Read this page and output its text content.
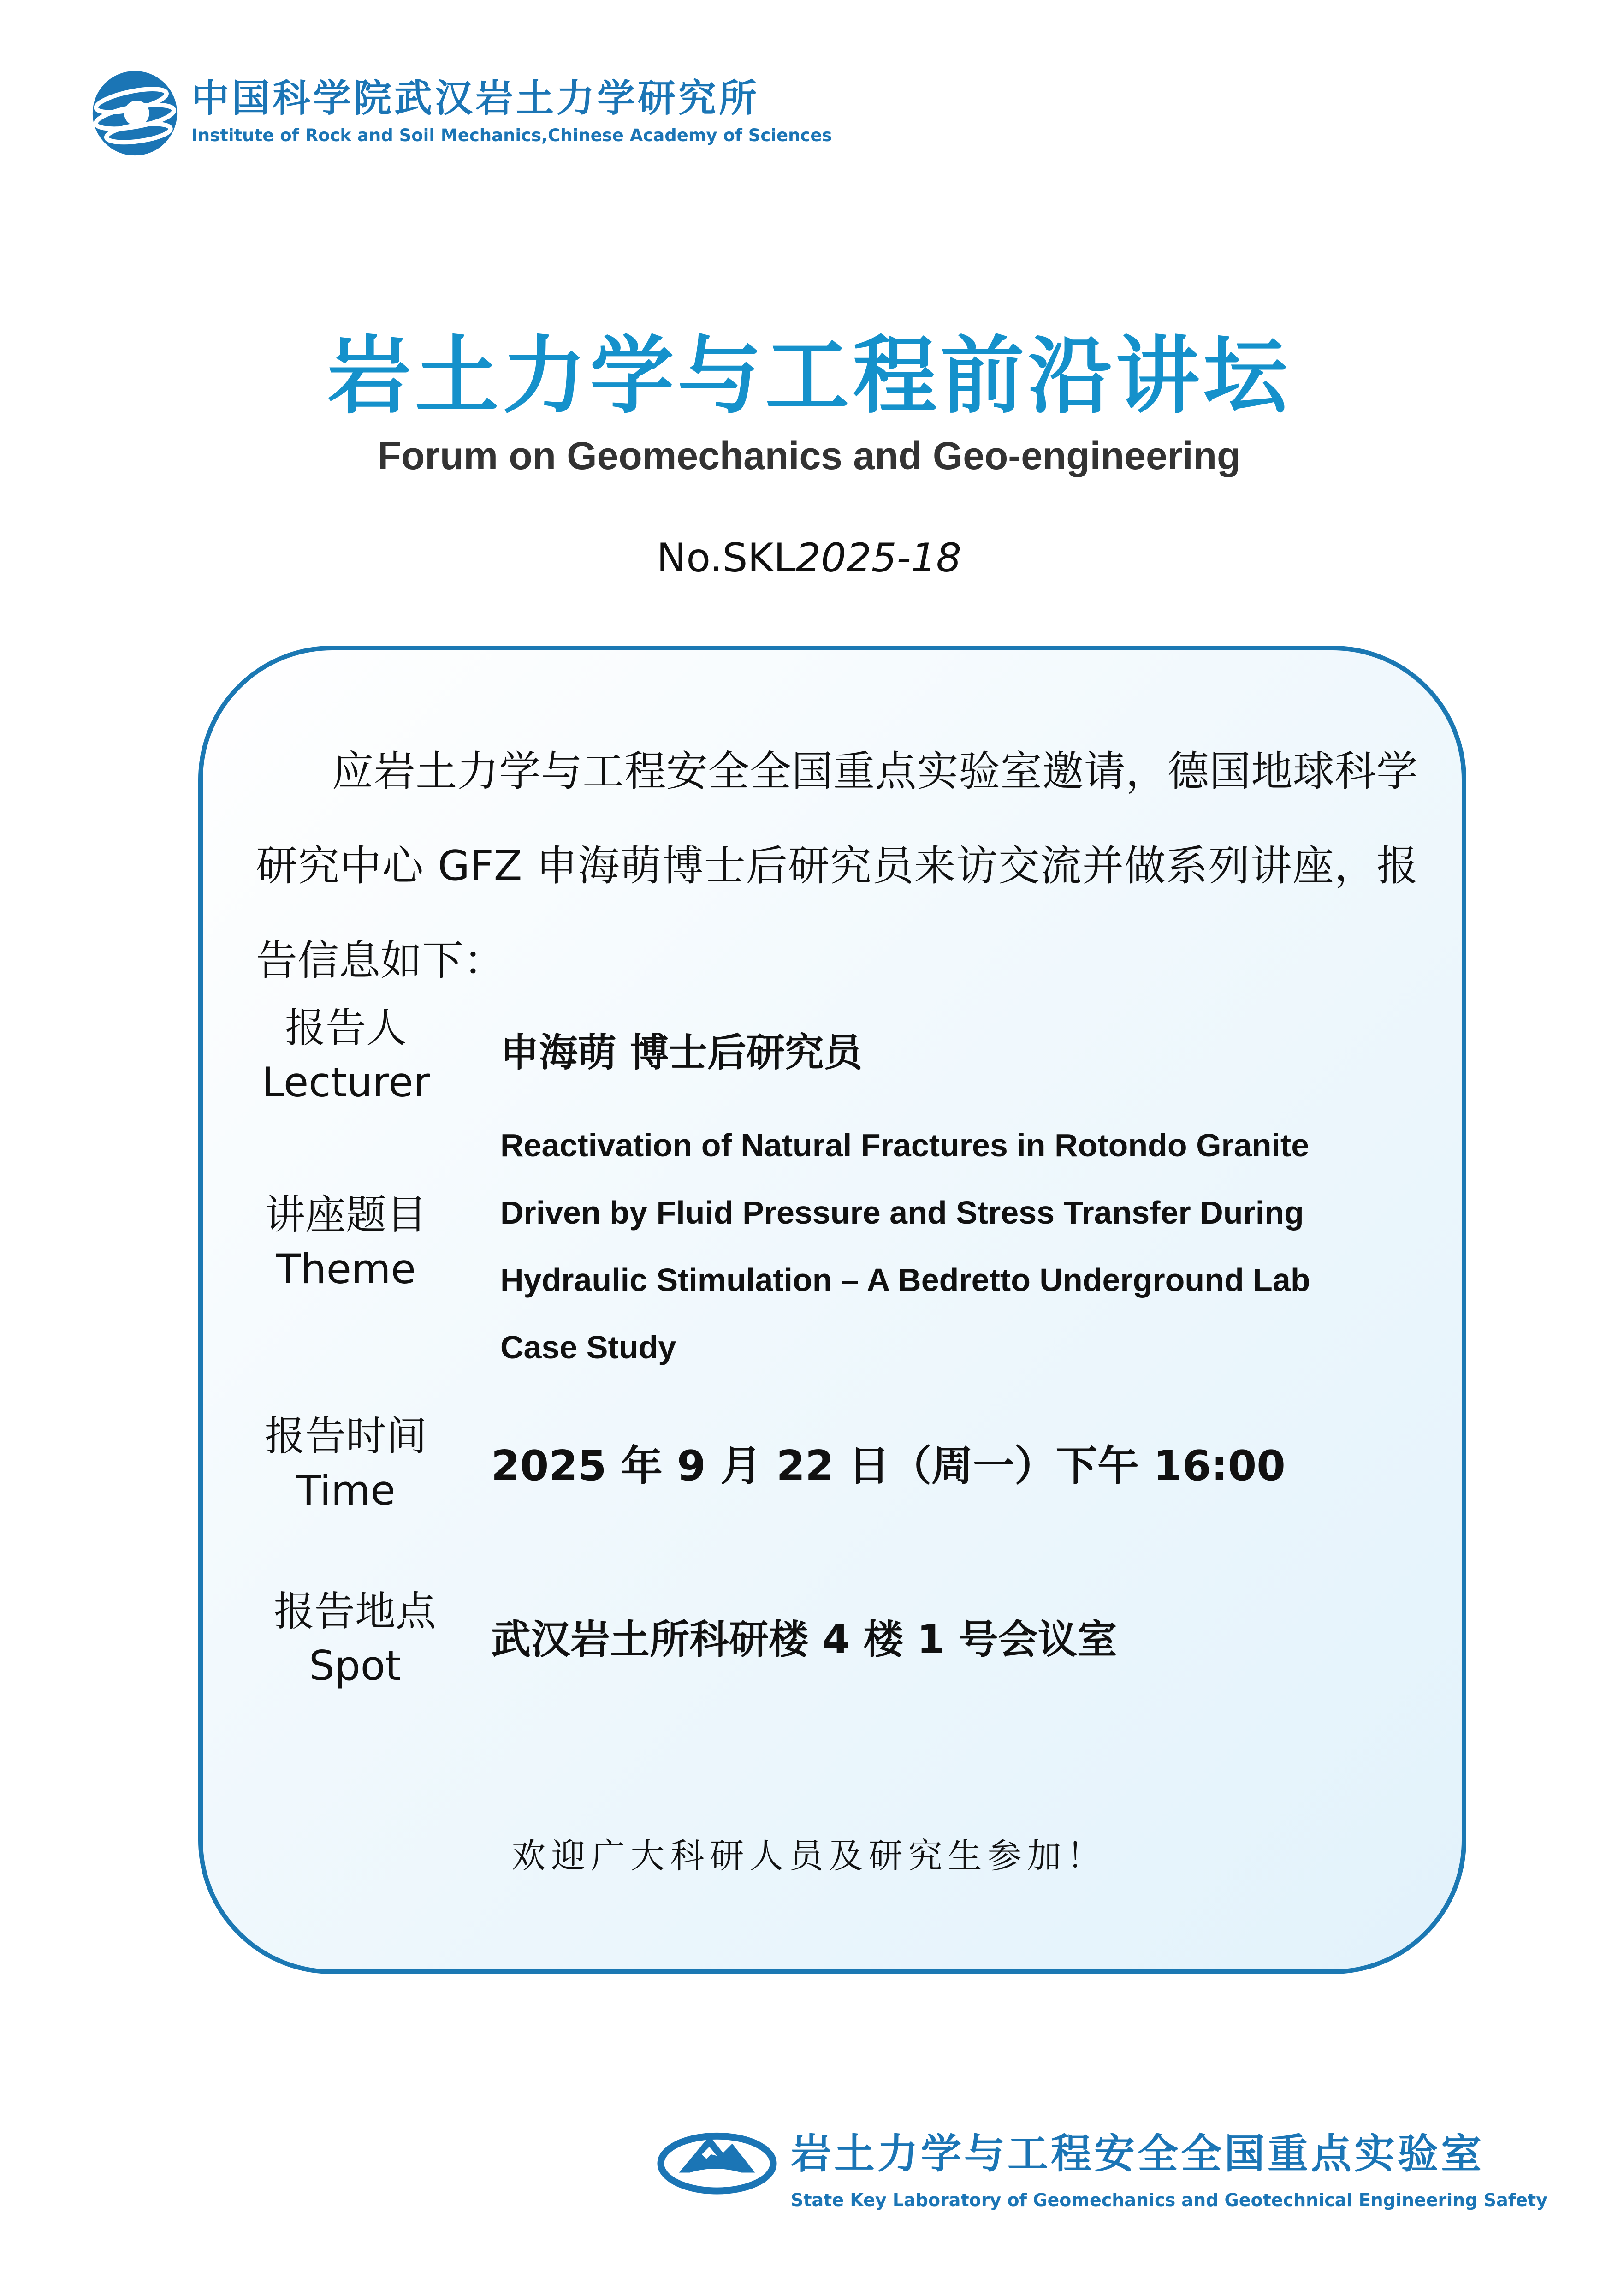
中国科学院武汉岩土力学研究所
Institute of Rock and Soil Mechanics,Chinese Academy of Sciences
岩土力学与工程前沿讲坛
Forum on Geomechanics and Geo-engineering
No.SKL2025-18

应岩土力学与工程安全全国重点实验室邀请，德国地球科学研究中心 GFZ 申海萌博士后研究员来访交流并做系列讲座，报告信息如下：

报告人
Lecturer
申海萌 博士后研究员
讲座题目
Theme
Reactivation of Natural Fractures in Rotondo Granite
Driven by Fluid Pressure and Stress Transfer During
Hydraulic Stimulation – A Bedretto Underground Lab
Case Study
报告时间
Time
2025 年 9 月 22 日（周一）下午 16:00
报告地点
Spot
武汉岩土所科研楼 4 楼 1 号会议室
欢迎广大科研人员及研究生参加！
岩土力学与工程安全全国重点实验室
State Key Laboratory of Geomechanics and Geotechnical Engineering Safety
